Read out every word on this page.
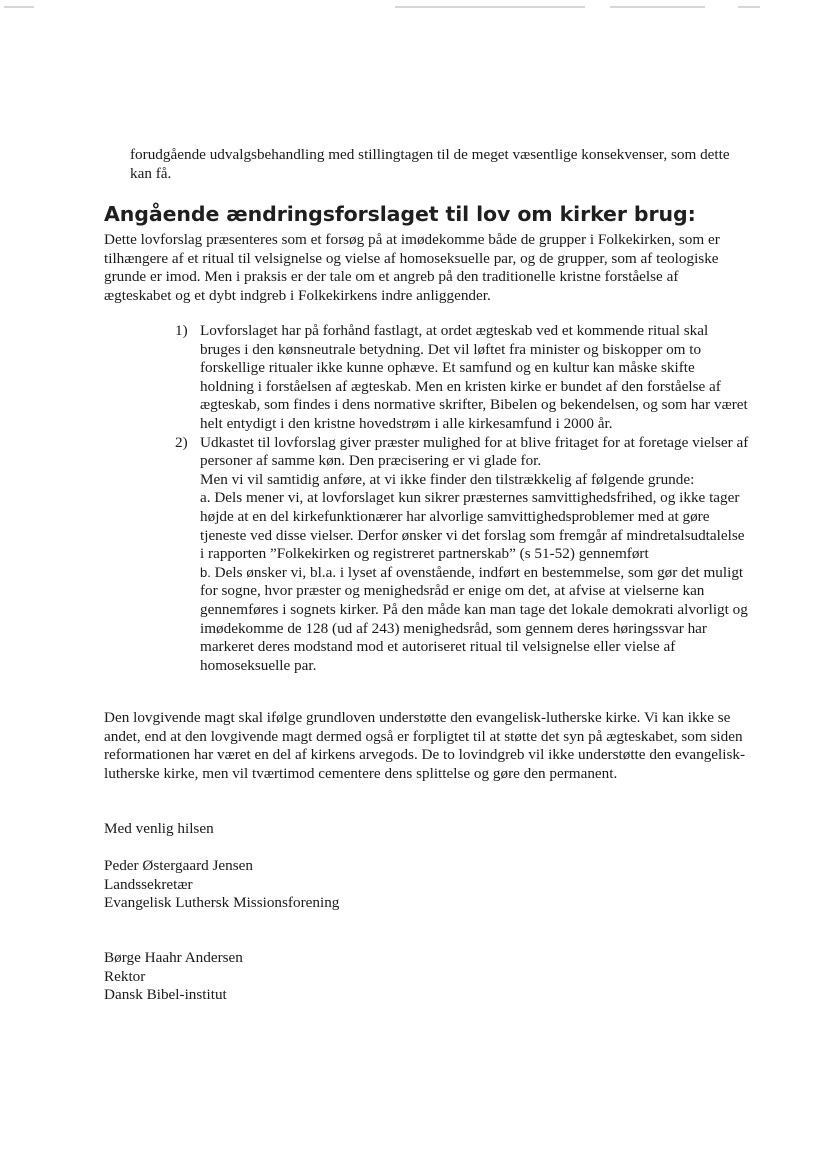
forudgående udvalgsbehandling med stillingtagen til de meget væsentlige konsekvenser, som dette kan få.

Angående ændringsforslaget til lov om kirker brug:

Dette lovforslag præsenteres som et forsøg på at imødekomme både de grupper i Folkekirken, som er tilhængere af et ritual til velsignelse og vielse af homoseksuelle par, og de grupper, som af teologiske grunde er imod. Men i praksis er der tale om et angreb på den traditionelle kristne forståelse af ægteskabet og et dybt indgreb i Folkekirkens indre anliggender.

1) Lovforslaget har på forhånd fastlagt, at ordet ægteskab ved et kommende ritual skal bruges i den kønsneutrale betydning. Det vil løftet fra minister og biskopper om to forskellige ritualer ikke kunne ophæve. Et samfund og en kultur kan måske skifte holdning i forståelsen af ægteskab. Men en kristen kirke er bundet af den forståelse af ægteskab, som findes i dens normative skrifter, Bibelen og bekendelsen, og som har været helt entydigt i den kristne hovedstrøm i alle kirkesamfund i 2000 år.
2) Udkastet til lovforslag giver præster mulighed for at blive fritaget for at foretage vielser af personer af samme køn. Den præcisering er vi glade for.
Men vi vil samtidig anføre, at vi ikke finder den tilstrækkelig af følgende grunde:
a. Dels mener vi, at lovforslaget kun sikrer præsternes samvittighedsfrihed, og ikke tager højde at en del kirkefunktionærer har alvorlige samvittighedsproblemer med at gøre tjeneste ved disse vielser. Derfor ønsker vi det forslag som fremgår af mindretalsudtalelse i rapporten ”Folkekirken og registreret partnerskab” (s 51-52) gennemført
b. Dels ønsker vi, bl.a. i lyset af ovenstående, indført en bestemmelse, som gør det muligt for sogne, hvor præster og menighedsråd er enige om det, at afvise at vielserne kan gennemføres i sognets kirker. På den måde kan man tage det lokale demokrati alvorligt og imødekomme de 128 (ud af 243) menighedsråd, som gennem deres høringssvar har markeret deres modstand mod et autoriseret ritual til velsignelse eller vielse af homoseksuelle par.

Den lovgivende magt skal ifølge grundloven understøtte den evangelisk-lutherske kirke. Vi kan ikke se andet, end at den lovgivende magt dermed også er forpligtet til at støtte det syn på ægteskabet, som siden reformationen har været en del af kirkens arvegods. De to lovindgreb vil ikke understøtte den evangelisk-lutherske kirke, men vil tværtimod cementere dens splittelse og gøre den permanent.

Med venlig hilsen

Peder Østergaard Jensen
Landssekretær
Evangelisk Luthersk Missionsforening
Børge Haahr Andersen
Rektor
Dansk Bibel-institut
